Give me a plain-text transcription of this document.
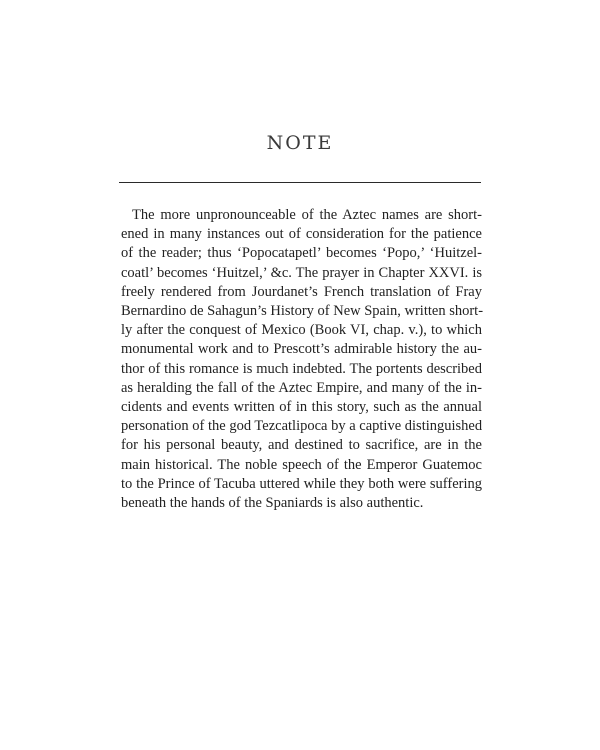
NOTE
The more unpronounceable of the Aztec names are short-
ened in many instances out of consideration for the patience
of the reader; thus ‘Popocatapetl’ becomes ‘Popo,’ ‘Huitzel-
coatl’ becomes ‘Huitzel,’ &c. The prayer in Chapter XXVI. is
freely rendered from Jourdanet’s French translation of Fray
Bernardino de Sahagun’s History of New Spain, written short-
ly after the conquest of Mexico (Book VI, chap. v.), to which
monumental work and to Prescott’s admirable history the au-
thor of this romance is much indebted. The portents described
as heralding the fall of the Aztec Empire, and many of the in-
cidents and events written of in this story, such as the annual
personation of the god Tezcatlipoca by a captive distinguished
for his personal beauty, and destined to sacrifice, are in the
main historical. The noble speech of the Emperor Guatemoc
to the Prince of Tacuba uttered while they both were suffering
beneath the hands of the Spaniards is also authentic.
